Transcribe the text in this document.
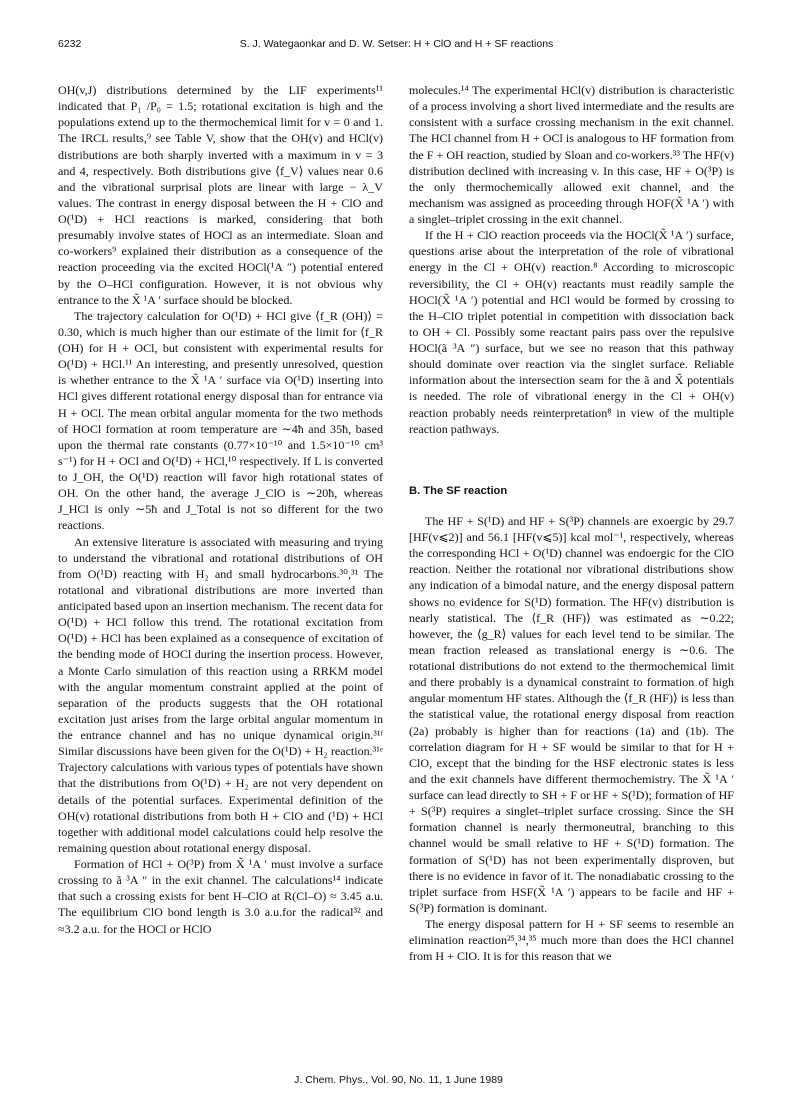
6232	S. J. Wategaonkar and D. W. Setser: H + ClO and H + SF reactions

OH(v,J) distributions determined by the LIF experiments¹¹ indicated that P₁ /P₀ = 1.5; rotational excitation is high and the populations extend up to the thermochemical limit for v = 0 and 1. The IRCL results,⁹ see Table V, show that the OH(v) and HCl(v) distributions are both sharply inverted with a maximum in v = 3 and 4, respectively. Both distributions give ⟨f_V⟩ values near 0.6 and the vibrational surprisal plots are linear with large − λ_V values. The contrast in energy disposal between the H + ClO and O(¹D) + HCl reactions is marked, considering that both presumably involve states of HOCl as an intermediate. Sloan and co-workers⁹ explained their distribution as a consequence of the reaction proceeding via the excited HOCl(¹A ″) potential entered by the O–HCl configuration. However, it is not obvious why entrance to the X̃ ¹A ′ surface should be blocked.

The trajectory calculation for O(¹D) + HCl give ⟨f_R (OH)⟩ = 0.30, which is much higher than our estimate of the limit for ⟨f_R (OH) for H + OCl, but consistent with experimental results for O(¹D) + HCl.¹¹ An interesting, and presently unresolved, question is whether entrance to the X̃ ¹A ′ surface via O(¹D) inserting into HCl gives different rotational energy disposal than for entrance via H + OCl. The mean orbital angular momenta for the two methods of HOCl formation at room temperature are ∼4ħ and 35ħ, based upon the thermal rate constants (0.77×10⁻¹⁰ and 1.5×10⁻¹⁰ cm³ s⁻¹) for H + OCl and O(¹D) + HCl,¹⁰ respectively. If L is converted to J_OH, the O(¹D) reaction will favor high rotational states of OH. On the other hand, the average J_ClO is ∼20ħ, whereas J_HCl is only ∼5ħ and J_Total is not so different for the two reactions.

An extensive literature is associated with measuring and trying to understand the vibrational and rotational distributions of OH from O(¹D) reacting with H₂ and small hydrocarbons.³⁰,³¹ The rotational and vibrational distributions are more inverted than anticipated based upon an insertion mechanism. The recent data for O(¹D) + HCl follow this trend. The rotational excitation from O(¹D) + HCl has been explained as a consequence of excitation of the bending mode of HOCl during the insertion process. However, a Monte Carlo simulation of this reaction using a RRKM model with the angular momentum constraint applied at the point of separation of the products suggests that the OH rotational excitation just arises from the large orbital angular momentum in the entrance channel and has no unique dynamical origin.³¹ᶠ Similar discussions have been given for the O(¹D) + H₂ reaction.³¹ᵉ Trajectory calculations with various types of potentials have shown that the distributions from O(¹D) + H₂ are not very dependent on details of the potential surfaces. Experimental definition of the OH(v) rotational distributions from both H + ClO and (¹D) + HCl together with additional model calculations could help resolve the remaining question about rotational energy disposal.

Formation of HCl + O(³P) from X̃ ¹A ′ must involve a surface crossing to ã ³A ″ in the exit channel. The calculations¹⁴ indicate that such a crossing exists for bent H–ClO at R(Cl–O) ≈ 3.45 a.u. The equilibrium ClO bond length is 3.0 a.u.for the radical³² and ≈3.2 a.u. for the HOCl or HClO

molecules.¹⁴ The experimental HCl(v) distribution is characteristic of a process involving a short lived intermediate and the results are consistent with a surface crossing mechanism in the exit channel. The HCl channel from H + OCl is analogous to HF formation from the F + OH reaction, studied by Sloan and co-workers.³³ The HF(v) distribution declined with increasing v. In this case, HF + O(³P) is the only thermochemically allowed exit channel, and the mechanism was assigned as proceeding through HOF(X̃ ¹A ′) with a singlet–triplet crossing in the exit channel.

If the H + ClO reaction proceeds via the HOCl(X̃ ¹A ′) surface, questions arise about the interpretation of the role of vibrational energy in the Cl + OH(v) reaction.⁸ According to microscopic reversibility, the Cl + OH(v) reactants must readily sample the HOCl(X̃ ¹A ′) potential and HCl would be formed by crossing to the H–ClO triplet potential in competition with dissociation back to OH + Cl. Possibly some reactant pairs pass over the repulsive HOCl(ã ³A ″) surface, but we see no reason that this pathway should dominate over reaction via the singlet surface. Reliable information about the intersection seam for the ã and X̃ potentials is needed. The role of vibrational energy in the Cl + OH(v) reaction probably needs reinterpretation⁸ in view of the multiple reaction pathways.

B. The SF reaction

The HF + S(¹D) and HF + S(³P) channels are exoergic by 29.7 [HF(v⩽2)] and 56.1 [HF(v⩽5)] kcal mol⁻¹, respectively, whereas the corresponding HCl + O(¹D) channel was endoergic for the ClO reaction. Neither the rotational nor vibrational distributions show any indication of a bimodal nature, and the energy disposal pattern shows no evidence for S(¹D) formation. The HF(v) distribution is nearly statistical. The ⟨f_R (HF)⟩ was estimated as ∼0.22; however, the ⟨g_R⟩ values for each level tend to be similar. The mean fraction released as translational energy is ∼0.6. The rotational distributions do not extend to the thermochemical limit and there probably is a dynamical constraint to formation of high angular momentum HF states. Although the ⟨f_R (HF)⟩ is less than the statistical value, the rotational energy disposal from reaction (2a) probably is higher than for reactions (1a) and (1b). The correlation diagram for H + SF would be similar to that for H + ClO, except that the binding for the HSF electronic states is less and the exit channels have different thermochemistry. The X̃ ¹A ′ surface can lead directly to SH + F or HF + S(¹D); formation of HF + S(³P) requires a singlet–triplet surface crossing. Since the SH formation channel is nearly thermoneutral, branching to this channel would be small relative to HF + S(¹D) formation. The formation of S(¹D) has not been experimentally disproven, but there is no evidence in favor of it. The nonadiabatic crossing to the triplet surface from HSF(X̃ ¹A ′) appears to be facile and HF + S(³P) formation is dominant.

The energy disposal pattern for H + SF seems to resemble an elimination reaction²⁵,³⁴,³⁵ much more than does the HCl channel from H + ClO. It is for this reason that we

J. Chem. Phys., Vol. 90, No. 11, 1 June 1989
